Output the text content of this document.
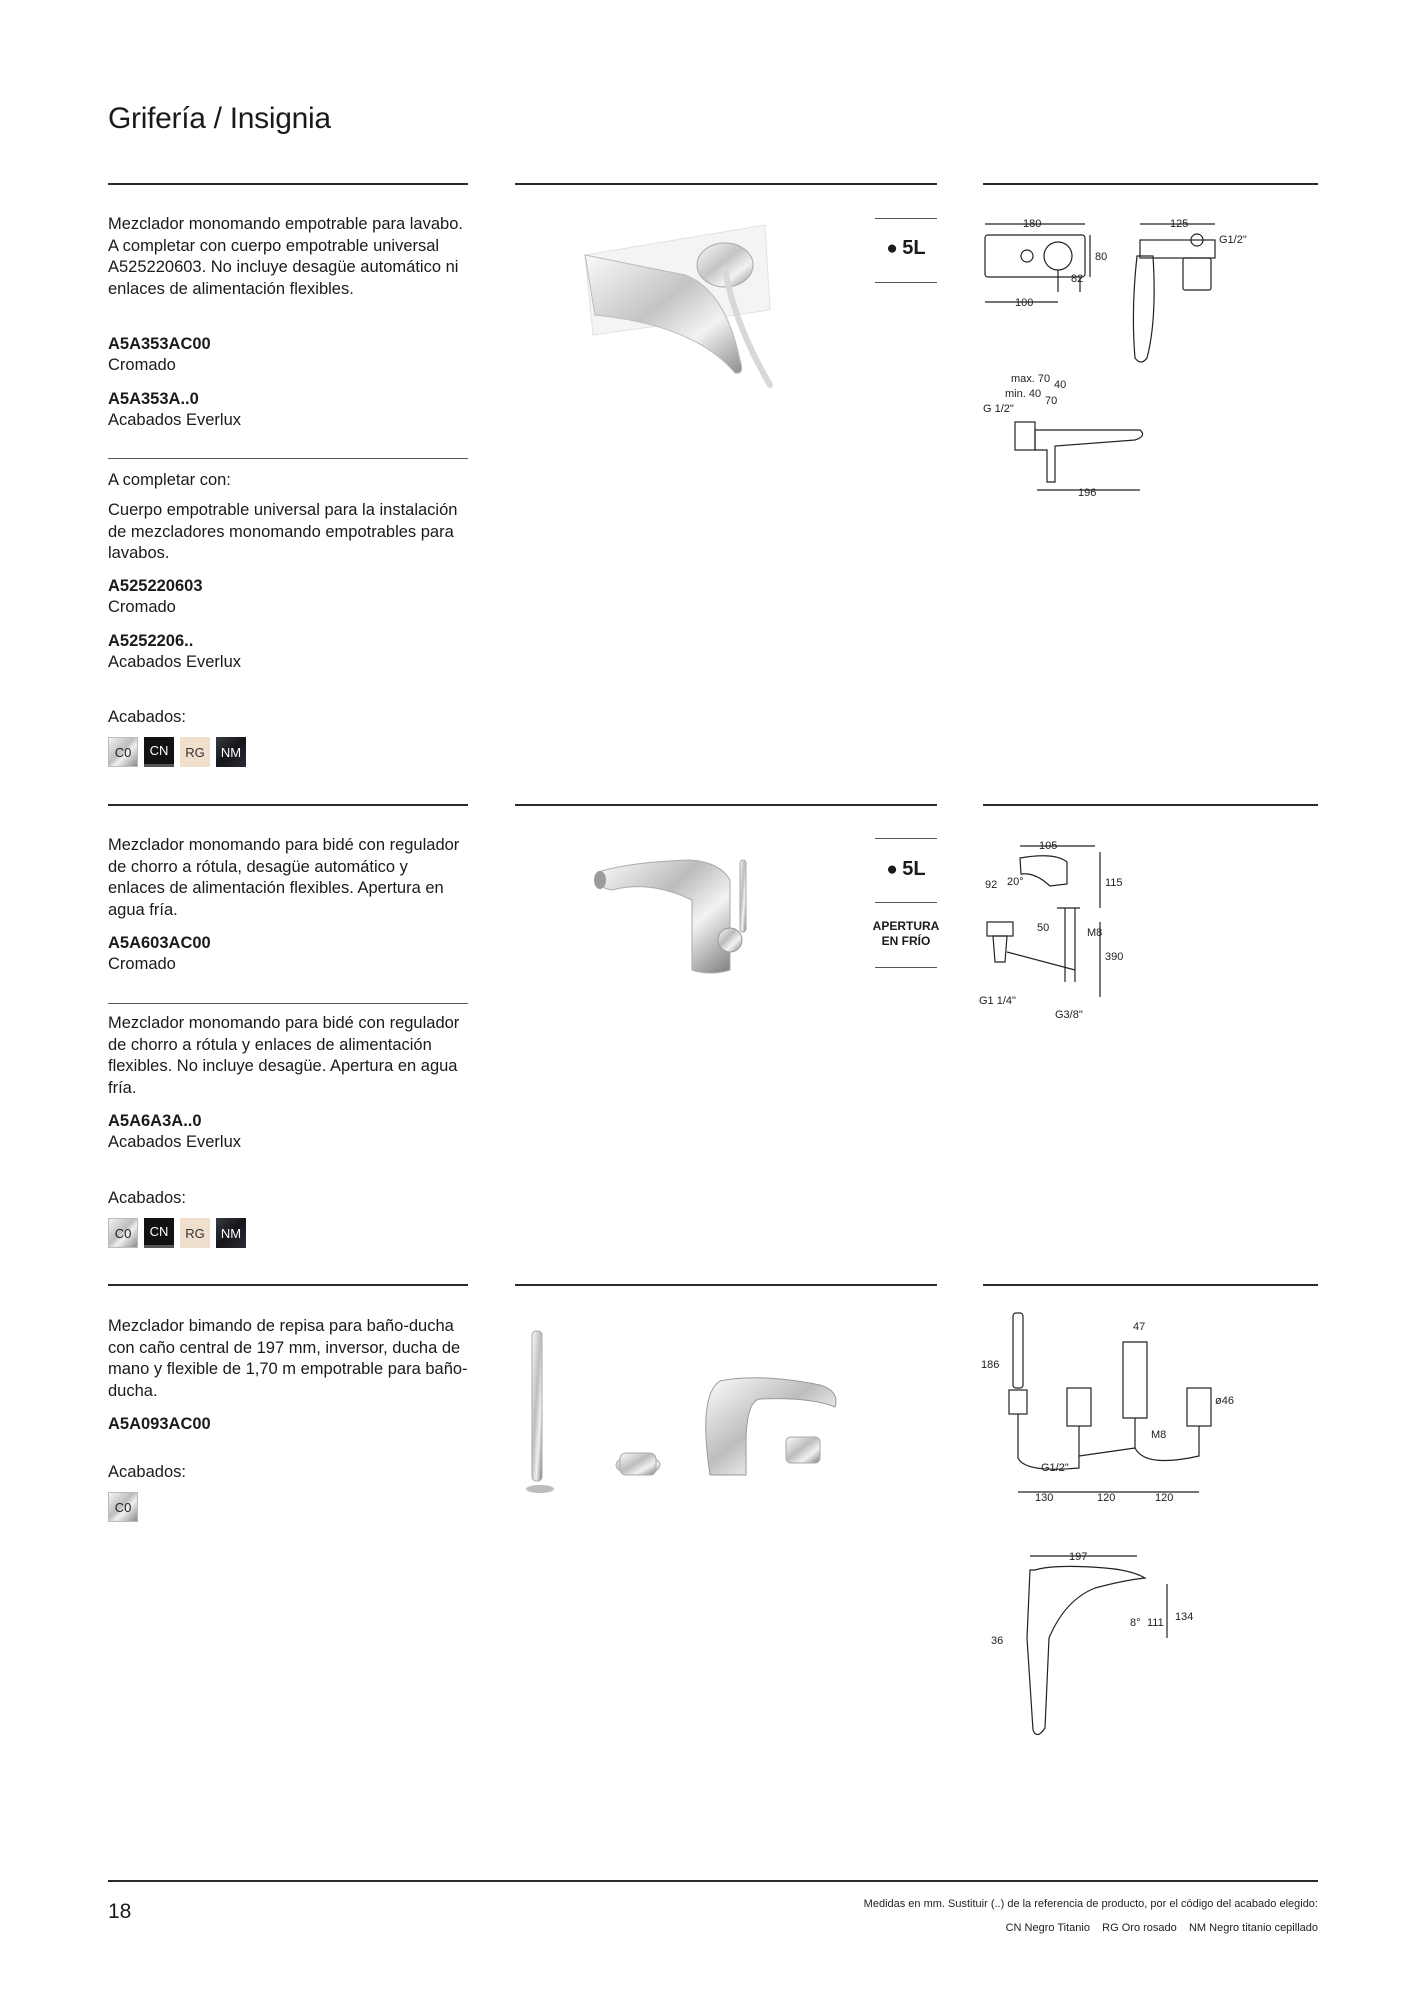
Grifería / Insignia
Mezclador monomando empotrable para lavabo. A completar con cuerpo empotrable universal A525220603. No incluye desagüe automático ni enlaces de alimentación flexibles.
A5A353AC00
Cromado
A5A353A..0
Acabados Everlux
A completar con:
Cuerpo empotrable universal para la instalación de mezcladores monomando empotrables para lavabos.
A525220603
Cromado
A5252206..
Acabados Everlux
Acabados:
C0	CN	RG	NM
● 5L
180
80
82
100
125
G1/2"
max. 70
min. 40
40
70
G 1/2"
196
Mezclador monomando para bidé con regulador de chorro a rótula, desagüe automático y enlaces de alimentación flexibles. Apertura en agua fría.
A5A603AC00
Cromado
Mezclador monomando para bidé con regulador de chorro a rótula y enlaces de alimentación flexibles. No incluye desagüe. Apertura en agua fría.
A5A6A3A..0
Acabados Everlux
Acabados:
C0	CN	RG	NM
● 5L
APERTURA
EN FRÍO
105
92 20°	115
50	M8
390
G1 1/4"
G3/8"
Mezclador bimando de repisa para baño-ducha con caño central de 197 mm, inversor, ducha de mano y flexible de 1,70 m empotrable para baño-ducha.
A5A093AC00
Acabados:
C0
186
47
ø46
M8
G1/2"
130	120	120
197
8° 111 134
36
18	Medidas en mm. Sustituir (..) de la referencia de producto, por el código del acabado elegido:
CN Negro Titanio    RG Oro rosado    NM Negro titanio cepillado
